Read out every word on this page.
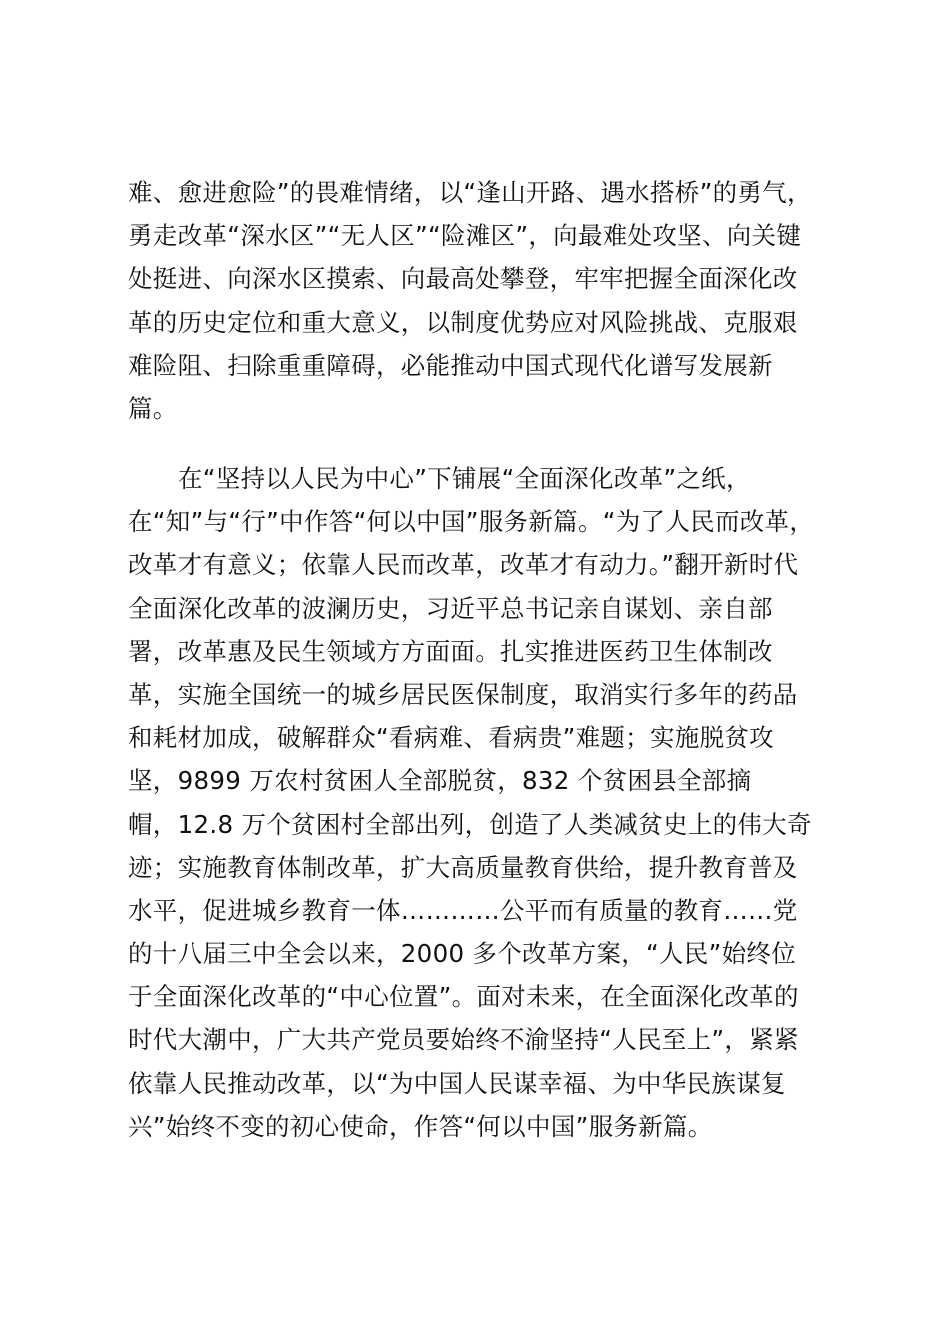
难、愈进愈险”的畏难情绪，以“逢山开路、遇水搭桥”的勇气，
勇走改革“深水区”“无人区”“险滩区”，向最难处攻坚、向关键
处挺进、向深水区摸索、向最高处攀登，牢牢把握全面深化改
革的历史定位和重大意义，以制度优势应对风险挑战、克服艰
难险阻、扫除重重障碍，必能推动中国式现代化谱写发展新
篇。
在“坚持以人民为中心”下铺展“全面深化改革”之纸，
在“知”与“行”中作答“何以中国”服务新篇。“为了人民而改革，
改革才有意义；依靠人民而改革，改革才有动力。”翻开新时代
全面深化改革的波澜历史，习近平总书记亲自谋划、亲自部
署，改革惠及民生领域方方面面。扎实推进医药卫生体制改
革，实施全国统一的城乡居民医保制度，取消实行多年的药品
和耗材加成，破解群众“看病难、看病贵”难题；实施脱贫攻
坚，9899 万农村贫困人全部脱贫，832 个贫困县全部摘
帽，12.8 万个贫困村全部出列，创造了人类减贫史上的伟大奇
迹；实施教育体制改革，扩大高质量教育供给，提升教育普及
水平，促进城乡教育一体…………公平而有质量的教育……党
的十八届三中全会以来，2000 多个改革方案，“人民”始终位
于全面深化改革的“中心位置”。面对未来，在全面深化改革的
时代大潮中，广大共产党员要始终不渝坚持“人民至上”，紧紧
依靠人民推动改革，以“为中国人民谋幸福、为中华民族谋复
兴”始终不变的初心使命，作答“何以中国”服务新篇。
